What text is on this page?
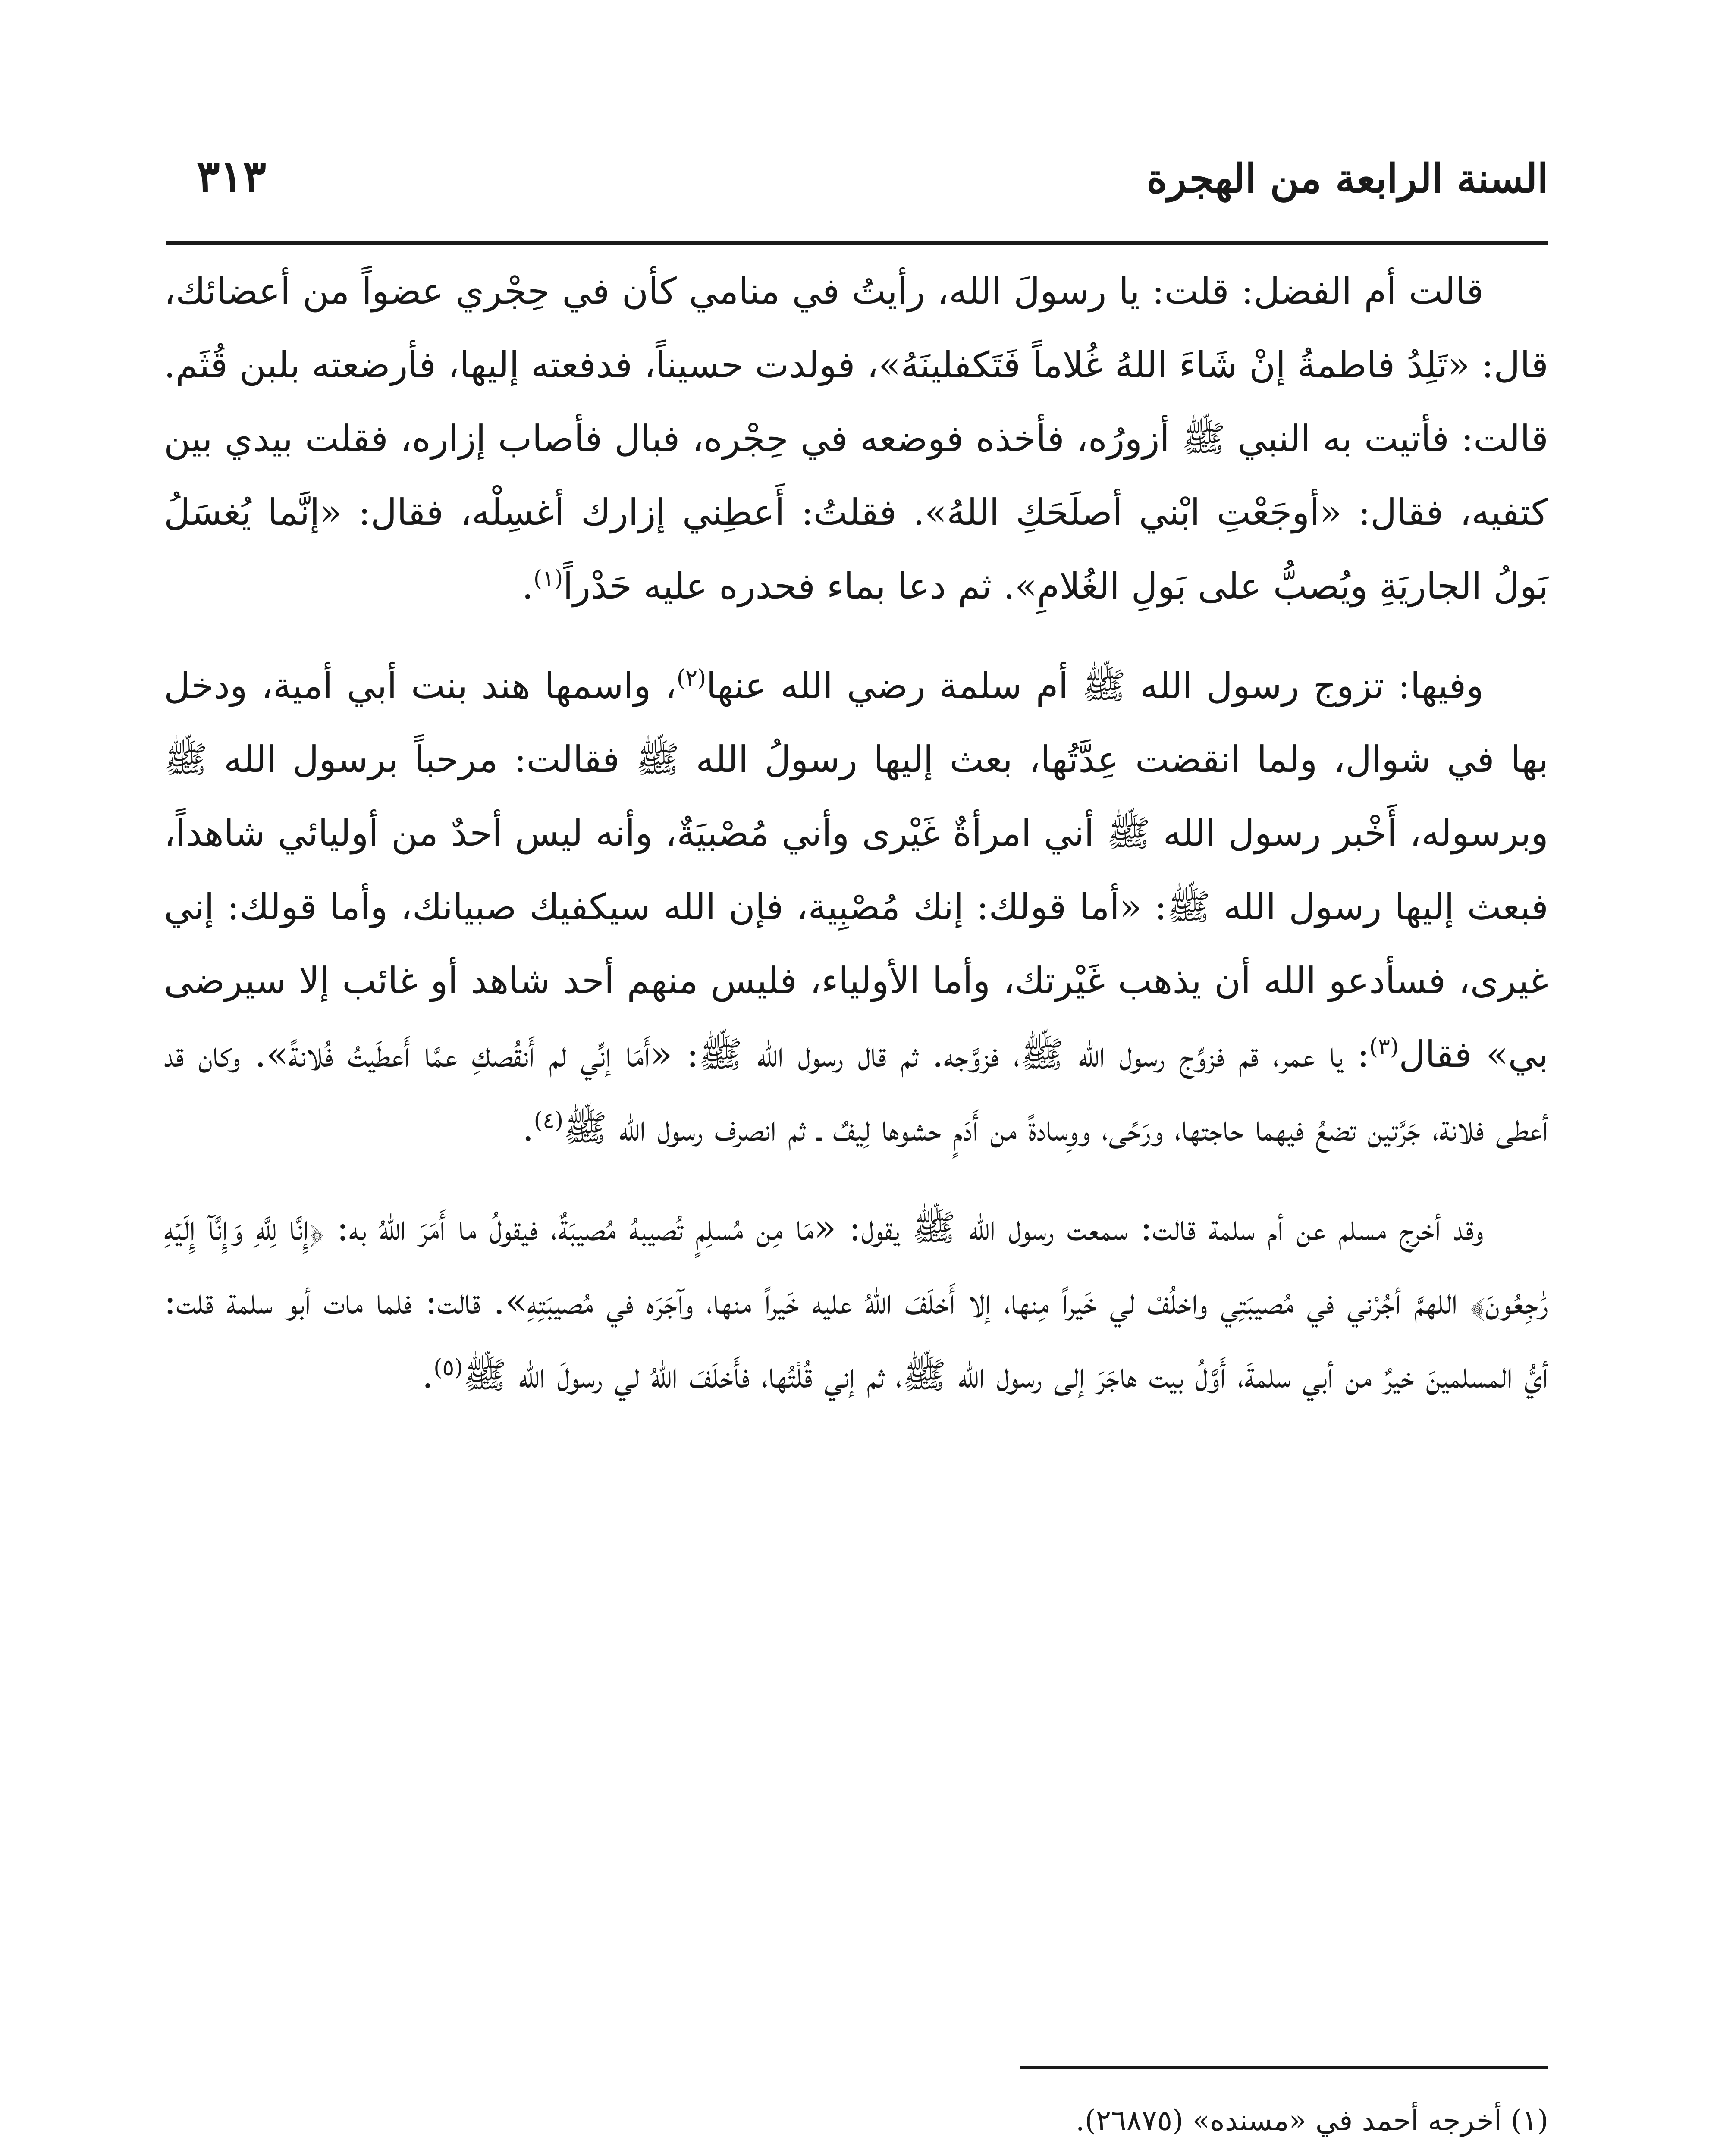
السنة الرابعة من الهجرة
٣١٣

قالت أم الفضل: قلت: يا رسولَ الله، رأيتُ في منامي كأن في حِجْري عضواً من أعضائك، قال: «تَلِدُ فاطمةُ إنْ شَاءَ اللهُ غُلاماً فَتَكفلينَهُ»، فولدت حسيناً، فدفعته إليها، فأرضعته بلبن قُثَم. قالت: فأتيت به النبي ﷺ أزورُه، فأخذه فوضعه في حِجْره، فبال فأصاب إزاره، فقلت بيدي بين كتفيه، فقال: «أوجَعْتِ ابْني أصلَحَكِ اللهُ». فقلتُ: أَعطِني إزارك أغسِلْه، فقال: «إنَّما يُغسَلُ بَولُ الجاريَةِ ويُصبُّ على بَولِ الغُلامِ». ثم دعا بماء فحدره عليه حَدْراً$^{(١)}$.

وفيها: تزوج رسول الله ﷺ أم سلمة رضي الله عنها$^{(٢)}$، واسمها هند بنت أبي أمية، ودخل بها في شوال، ولما انقضت عِدَّتُها، بعث إليها رسولُ الله ﷺ فقالت: مرحباً برسول الله ﷺ وبرسوله، أَخْبر رسول الله ﷺ أني امرأةٌ غَيْرى وأني مُصْبيَةٌ، وأنه ليس أحدٌ من أوليائي شاهداً، فبعث إليها رسول الله ﷺ: «أما قولك: إنك مُصْبِية، فإن الله سيكفيك صبيانك، وأما قولك: إني غيرى، فسأدعو الله أن يذهب غَيْرتك، وأما الأولياء، فليس منهم أحد شاهد أو غائب إلا سيرضى بي» فقال$^{(٣)}$: يا عمر، قم فزوِّج رسول الله ﷺ، فزوَّجه. ثم قال رسول الله ﷺ: «أَمَا إنِّي لم أَنقُصكِ عمَّا أَعطَيتُ فُلانةً». وكان قد أعطى فلانة، جَرَّتين تضعُ فيهما حاجتها، ورَحًى، ووِسادةً من أَدَمٍ حشوها لِيفٌ ـ ثم انصرف رسول الله ﷺ$^{(٤)}$.

وقد أخرج مسلم عن أم سلمة قالت: سمعت رسول الله ﷺ يقول: «مَا مِن مُسلِمٍ تُصيبهُ مُصيبَةٌ، فيقولُ ما أَمَرَ اللهُ به: ﴿إِنَّا لِلَّهِ وَإِنَّآ إِلَيۡهِ رَٰجِعُونَ﴾ اللهمَّ أجُرْني في مُصيبَتِي واخلُفْ لي خَيراً مِنها، إلا أَخلَفَ اللهُ عليه خَيراً منها، وآجَرَه في مُصيبَتِهِ». قالت: فلما مات أبو سلمة قلت: أيُّ المسلمينَ خيرٌ من أبي سلمةَ، أَوَّلُ بيت هاجَرَ إلى رسول الله ﷺ، ثم إني قُلْتُها، فأَخلَفَ اللهُ لي رسولَ الله ﷺ$^{(٥)}$.

(١) أخرجه أحمد في «مسنده» (٢٦٨٧٥).
